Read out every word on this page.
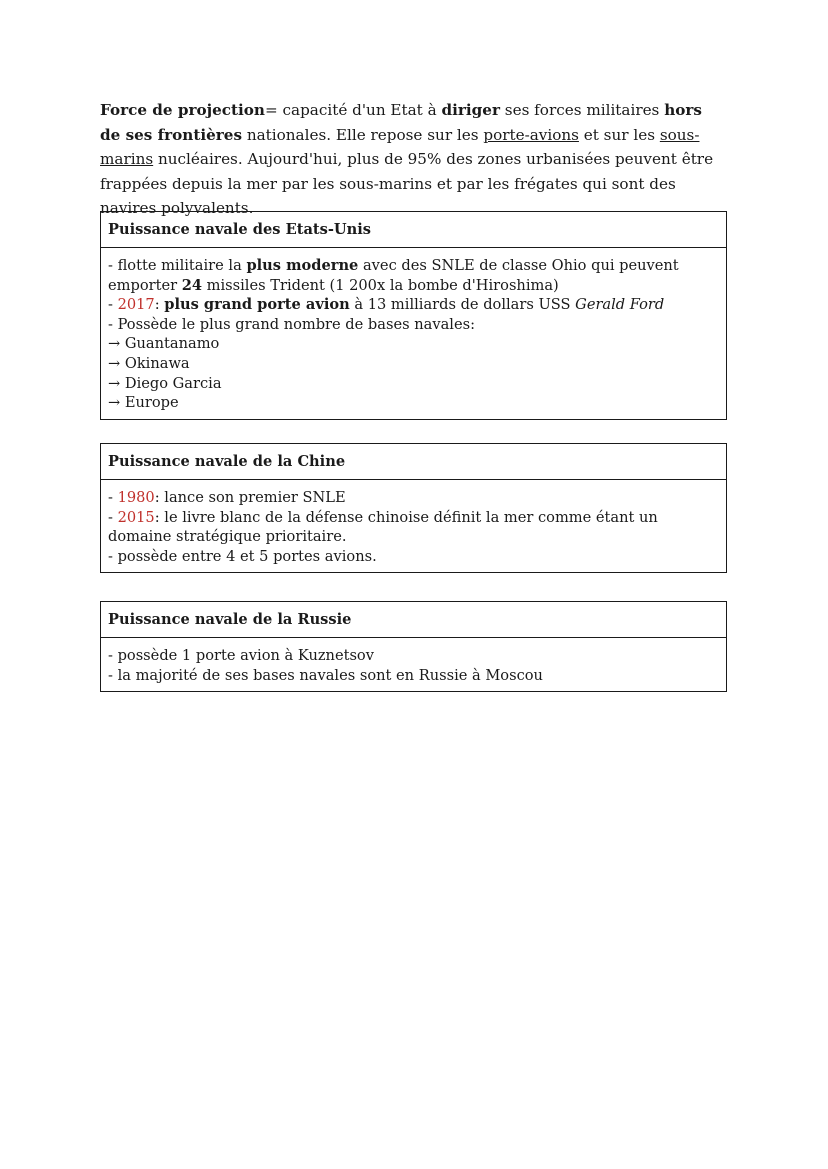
Force de projection= capacité d'un Etat à diriger ses forces militaires hors de ses frontières nationales. Elle repose sur les porte-avions et sur les sous-marins nucléaires. Aujourd'hui, plus de 95% des zones urbanisées peuvent être frappées depuis la mer par les sous-marins et par les frégates qui sont des navires polyvalents.

Puissance navale des Etats-Unis
- flotte militaire la plus moderne avec des SNLE de classe Ohio qui peuvent emporter 24 missiles Trident (1 200x la bombe d'Hiroshima)
- 2017: plus grand porte avion à 13 milliards de dollars USS Gerald Ford
- Possède le plus grand nombre de bases navales:
→ Guantanamo
→ Okinawa
→ Diego Garcia
→ Europe
Puissance navale de la Chine
- 1980: lance son premier SNLE
- 2015: le livre blanc de la défense chinoise définit la mer comme étant un domaine stratégique prioritaire.
- possède entre 4 et 5 portes avions.
Puissance navale de la Russie
- possède 1 porte avion à Kuznetsov
- la majorité de ses bases navales sont en Russie à Moscou
